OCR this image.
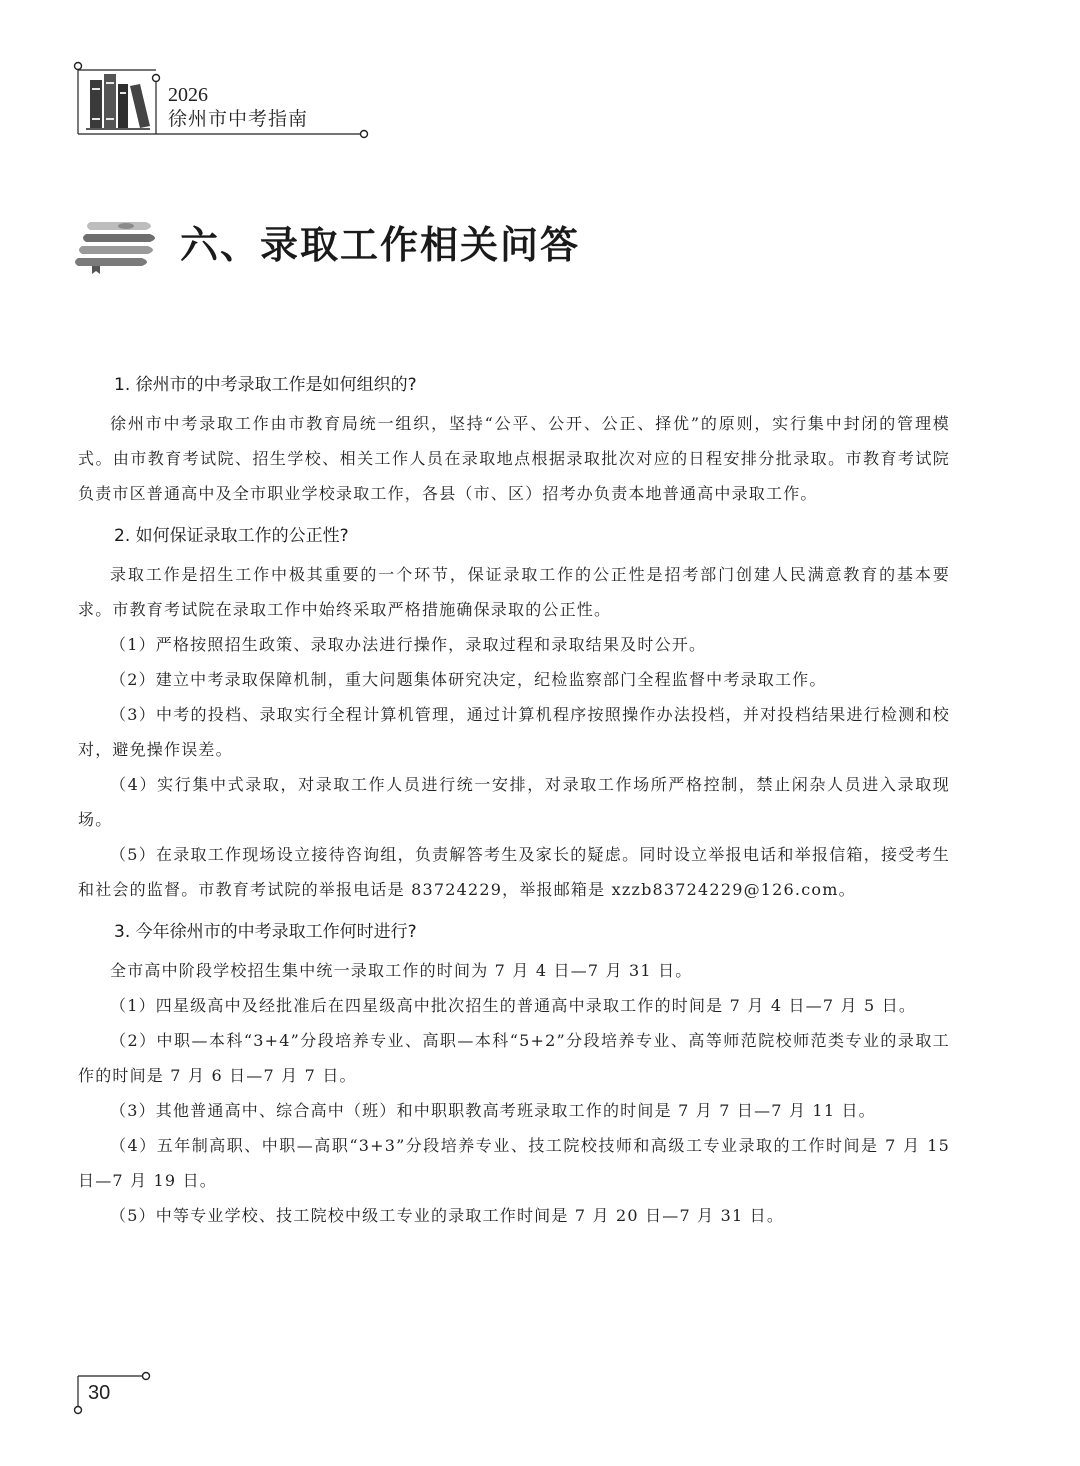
2026
徐州市中考指南
六、录取工作相关问答
1. 徐州市的中考录取工作是如何组织的?

徐州市中考录取工作由市教育局统一组织，坚持“公平、公开、公正、择优”的原则，实行集中封闭的管理模式。由市教育考试院、招生学校、相关工作人员在录取地点根据录取批次对应的日程安排分批录取。市教育考试院负责市区普通高中及全市职业学校录取工作，各县（市、区）招考办负责本地普通高中录取工作。

2. 如何保证录取工作的公正性?

录取工作是招生工作中极其重要的一个环节，保证录取工作的公正性是招考部门创建人民满意教育的基本要求。市教育考试院在录取工作中始终采取严格措施确保录取的公正性。

（1）严格按照招生政策、录取办法进行操作，录取过程和录取结果及时公开。

（2）建立中考录取保障机制，重大问题集体研究决定，纪检监察部门全程监督中考录取工作。

（3）中考的投档、录取实行全程计算机管理，通过计算机程序按照操作办法投档，并对投档结果进行检测和校对，避免操作误差。

（4）实行集中式录取，对录取工作人员进行统一安排，对录取工作场所严格控制，禁止闲杂人员进入录取现场。

（5）在录取工作现场设立接待咨询组，负责解答考生及家长的疑虑。同时设立举报电话和举报信箱，接受考生和社会的监督。市教育考试院的举报电话是 83724229，举报邮箱是 xzzb83724229@126.com。

3. 今年徐州市的中考录取工作何时进行?

全市高中阶段学校招生集中统一录取工作的时间为 7 月 4 日—7 月 31 日。

（1）四星级高中及经批准后在四星级高中批次招生的普通高中录取工作的时间是 7 月 4 日—7 月 5 日。

（2）中职—本科“3+4”分段培养专业、高职—本科“5+2”分段培养专业、高等师范院校师范类专业的录取工作的时间是 7 月 6 日—7 月 7 日。

（3）其他普通高中、综合高中（班）和中职职教高考班录取工作的时间是 7 月 7 日—7 月 11 日。

（4）五年制高职、中职—高职“3+3”分段培养专业、技工院校技师和高级工专业录取的工作时间是 7 月 15 日—7 月 19 日。

（5）中等专业学校、技工院校中级工专业的录取工作时间是 7 月 20 日—7 月 31 日。

30
